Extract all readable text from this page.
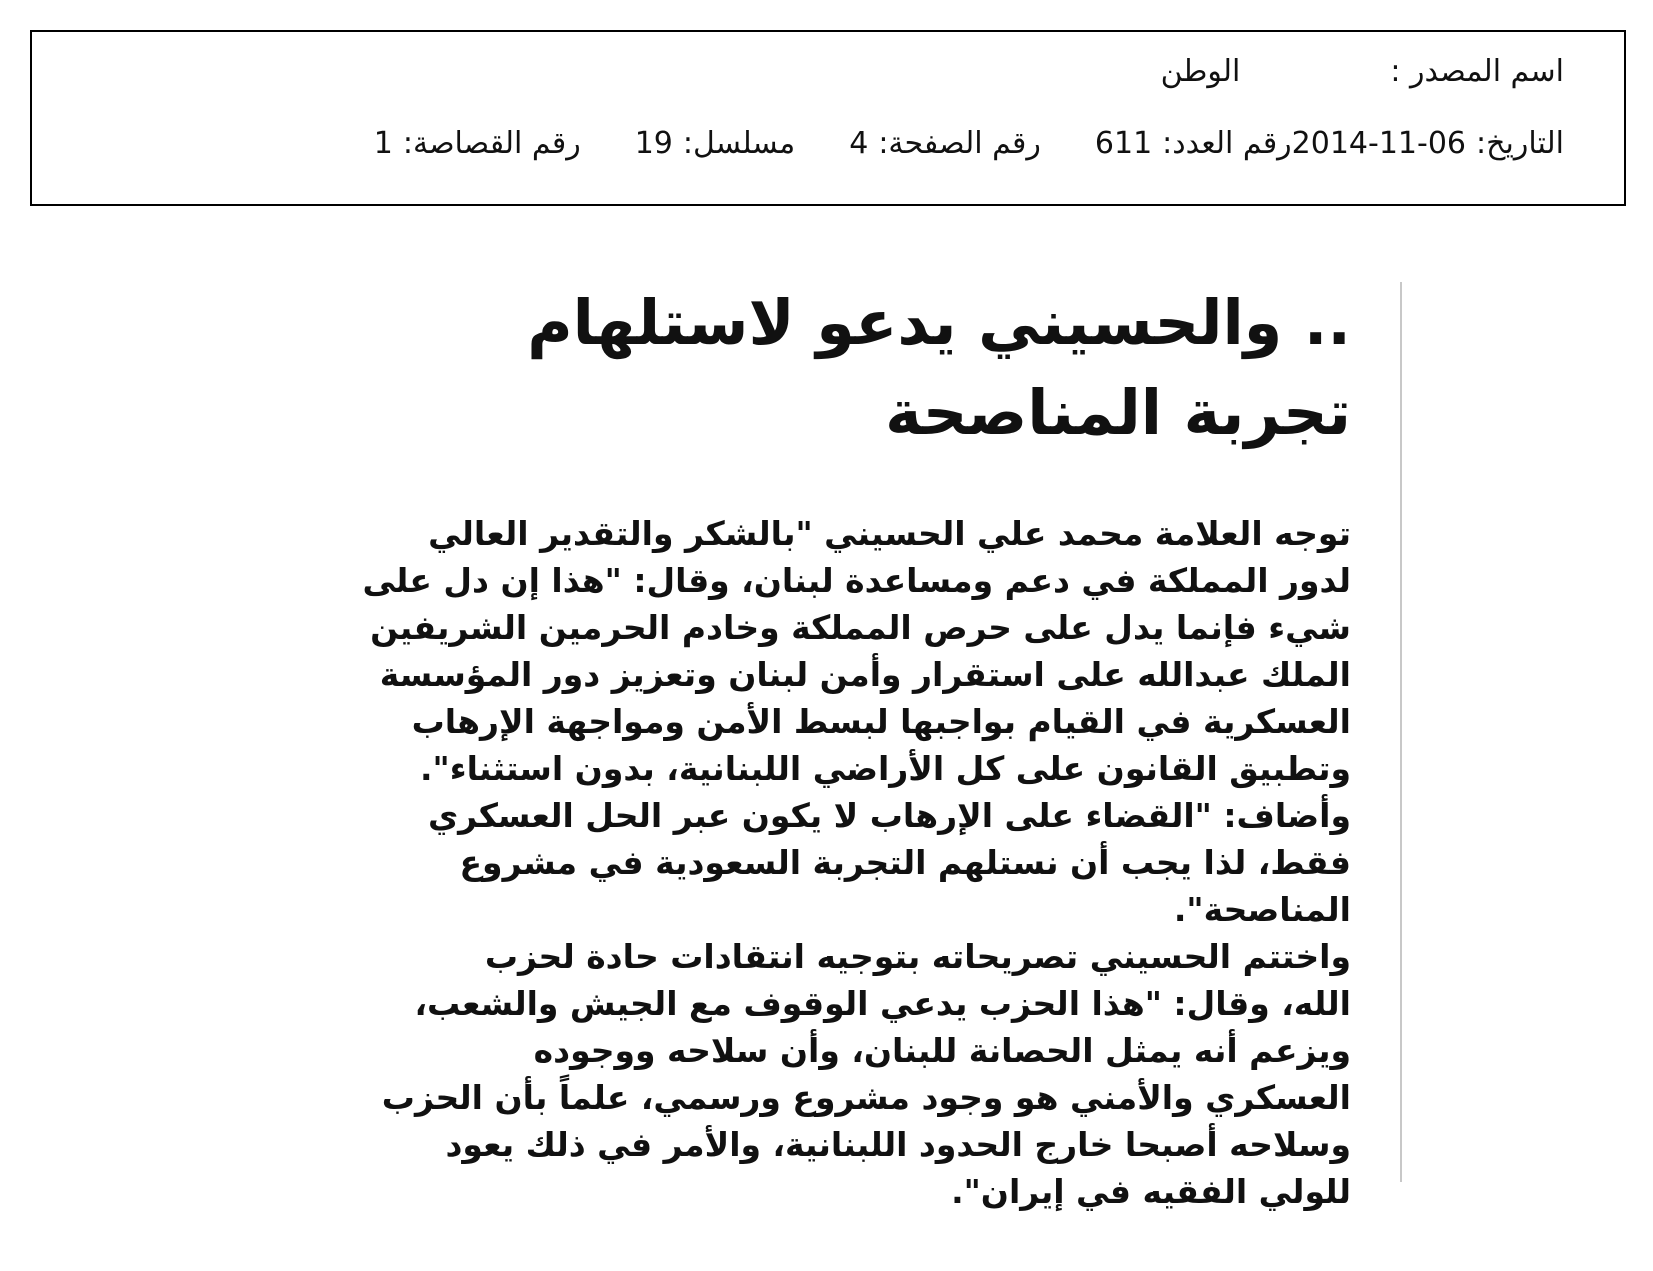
اسم المصدر :
الوطن
التاريخ:
2014-11-06
رقم العدد:
611
رقم الصفحة:
4
مسلسل:
19
رقم القصاصة:
1
.. والحسيني يدعو لاستلهام
تجربة المناصحة

توجه العلامة محمد علي الحسيني "بالشكر والتقدير العالي
لدور المملكة في دعم ومساعدة لبنان، وقال: "هذا إن دل على
شيء فإنما يدل على حرص المملكة وخادم الحرمين الشريفين
الملك عبدالله على استقرار وأمن لبنان وتعزيز دور المؤسسة
العسكرية في القيام بواجبها لبسط الأمن ومواجهة الإرهاب
وتطبيق القانون على كل الأراضي اللبنانية، بدون استثناء".

وأضاف: "القضاء على الإرهاب لا يكون عبر الحل العسكري
فقط، لذا يجب أن نستلهم التجربة السعودية في مشروع
المناصحة".

واختتم الحسيني تصريحاته بتوجيه انتقادات حادة لحزب
الله، وقال: "هذا الحزب يدعي الوقوف مع الجيش والشعب،
ويزعم أنه يمثل الحصانة للبنان، وأن سلاحه ووجوده
العسكري والأمني هو وجود مشروع ورسمي، علماً بأن الحزب
وسلاحه أصبحا خارج الحدود اللبنانية، والأمر في ذلك يعود
للولي الفقيه في إيران".
